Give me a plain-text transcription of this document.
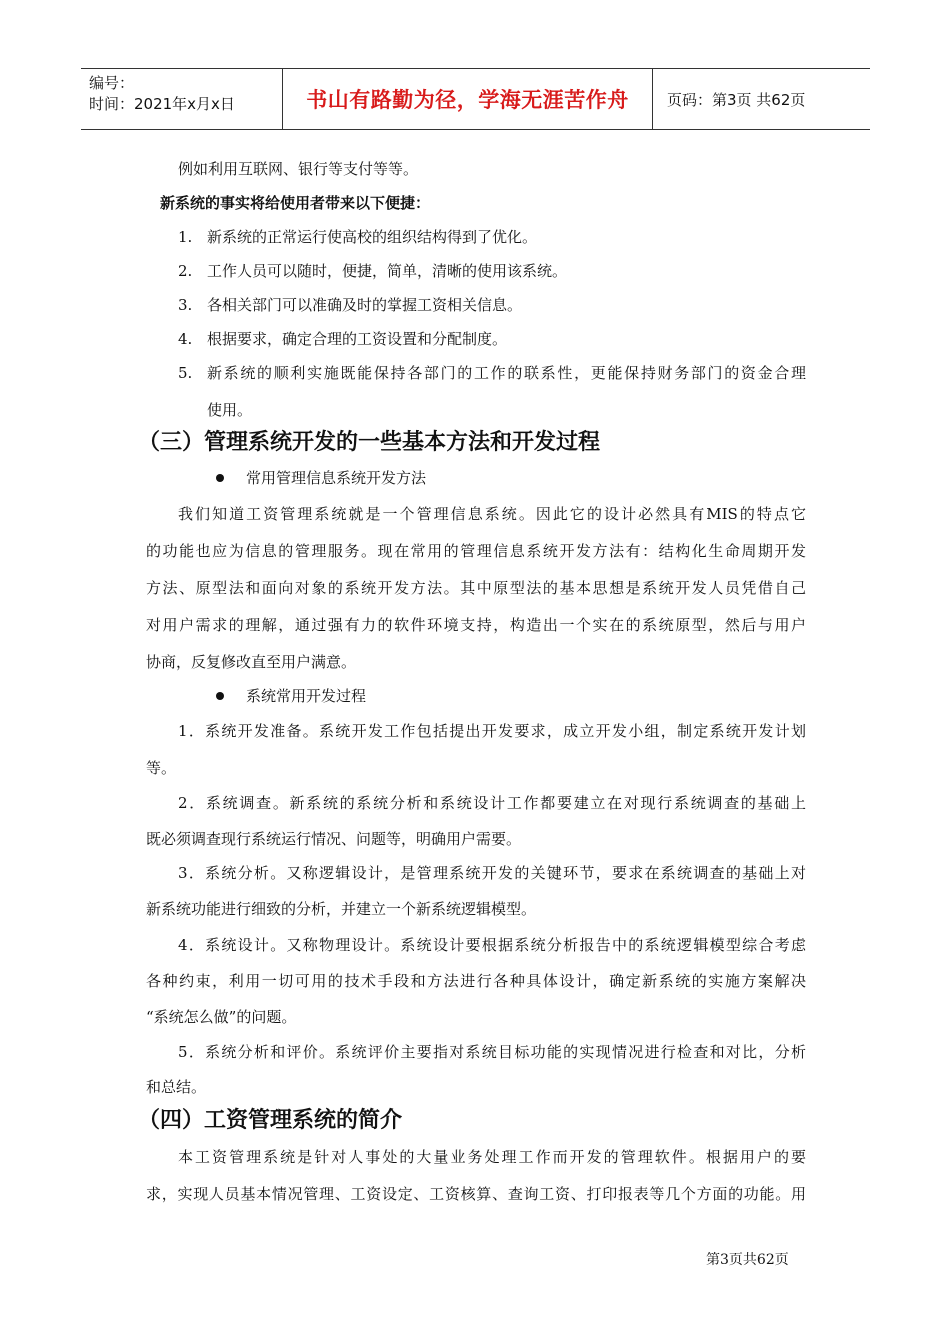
编号：
时间：2021年x月x日	书山有路勤为径，学海无涯苦作舟	页码：第3页 共62页
例如利用互联网、银行等支付等等。
新系统的事实将给使用者带来以下便捷：
1. 新系统的正常运行使高校的组织结构得到了优化。
2. 工作人员可以随时，便捷，简单，清晰的使用该系统。
3. 各相关部门可以准确及时的掌握工资相关信息。
4. 根据要求，确定合理的工资设置和分配制度。
5. 新系统的顺利实施既能保持各部门的工作的联系性，更能保持财务部门的资金合理
使用。
（三）管理系统开发的一些基本方法和开发过程
常用管理信息系统开发方法
我们知道工资管理系统就是一个管理信息系统。因此它的设计必然具有MIS的特点它
的功能也应为信息的管理服务。现在常用的管理信息系统开发方法有：结构化生命周期开发
方法、原型法和面向对象的系统开发方法。其中原型法的基本思想是系统开发人员凭借自己
对用户需求的理解，通过强有力的软件环境支持，构造出一个实在的系统原型，然后与用户
协商，反复修改直至用户满意。
系统常用开发过程
1．系统开发准备。系统开发工作包括提出开发要求，成立开发小组，制定系统开发计划
等。
2．系统调查。新系统的系统分析和系统设计工作都要建立在对现行系统调查的基础上
既必须调查现行系统运行情况、问题等，明确用户需要。
3．系统分析。又称逻辑设计，是管理系统开发的关键环节，要求在系统调查的基础上对
新系统功能进行细致的分析，并建立一个新系统逻辑模型。
4．系统设计。又称物理设计。系统设计要根据系统分析报告中的系统逻辑模型综合考虑
各种约束，利用一切可用的技术手段和方法进行各种具体设计，确定新系统的实施方案解决
“系统怎么做”的问题。
5．系统分析和评价。系统评价主要指对系统目标功能的实现情况进行检查和对比，分析
和总结。
（四）工资管理系统的简介
本工资管理系统是针对人事处的大量业务处理工作而开发的管理软件。根据用户的要
求，实现人员基本情况管理、工资设定、工资核算、查询工资、打印报表等几个方面的功能。用
第3页共62页
